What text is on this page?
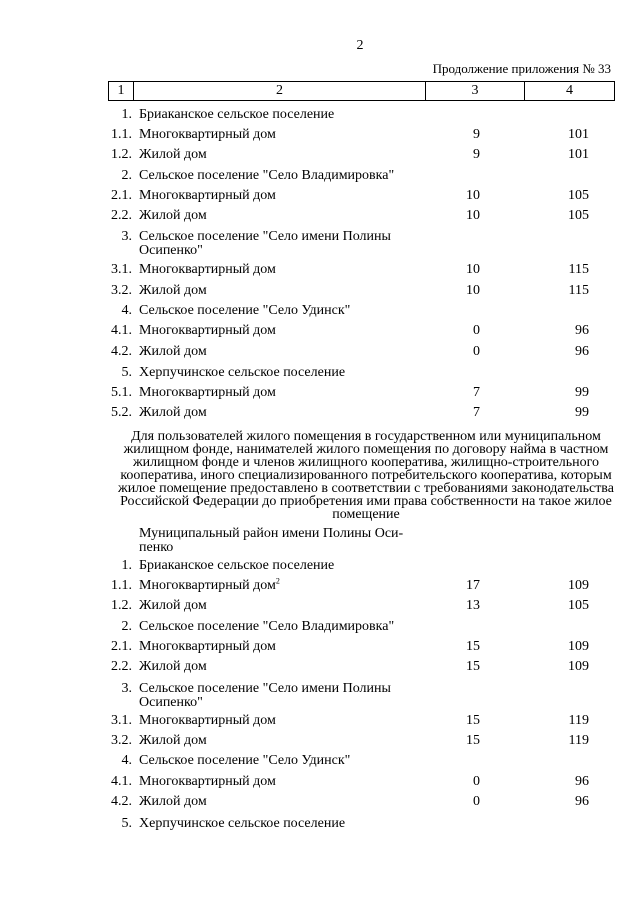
2
Продолжение приложения № 33
1	2	3	4
1. Бриаканское сельское поселение
1.1. Многоквартирный дом	9	101
1.2. Жилой дом	9	101
2. Сельское поселение "Село Владимировка"
2.1. Многоквартирный дом	10	105
2.2. Жилой дом	10	105
3. Сельское поселение "Село имени Полины Осипенко"
3.1. Многоквартирный дом	10	115
3.2. Жилой дом	10	115
4. Сельское поселение "Село Удинск"
4.1. Многоквартирный дом	0	96
4.2. Жилой дом	0	96
5. Херпучинское сельское поселение
5.1. Многоквартирный дом	7	99
5.2. Жилой дом	7	99
Для пользователей жилого помещения в государственном или муниципальном жилищном фонде, нанимателей жилого помещения по договору найма в частном жилищном фонде и членов жилищного кооператива, жилищно-строительного кооператива, иного специализированного потребительского кооператива, которым жилое помещение предоставлено в соответствии с требованиями законодательства Российской Федерации до приобретения ими права собственности на такое жилое помещение
Муниципальный район имени Полины Оси-пенко
1. Бриаканское сельское поселение
1.1. Многоквартирный дом$^2$	17	109
1.2. Жилой дом	13	105
2. Сельское поселение "Село Владимировка"
2.1. Многоквартирный дом	15	109
2.2. Жилой дом	15	109
3. Сельское поселение "Село имени Полины Осипенко"
3.1. Многоквартирный дом	15	119
3.2. Жилой дом	15	119
4. Сельское поселение "Село Удинск"
4.1. Многоквартирный дом	0	96
4.2. Жилой дом	0	96
5. Херпучинское сельское поселение
